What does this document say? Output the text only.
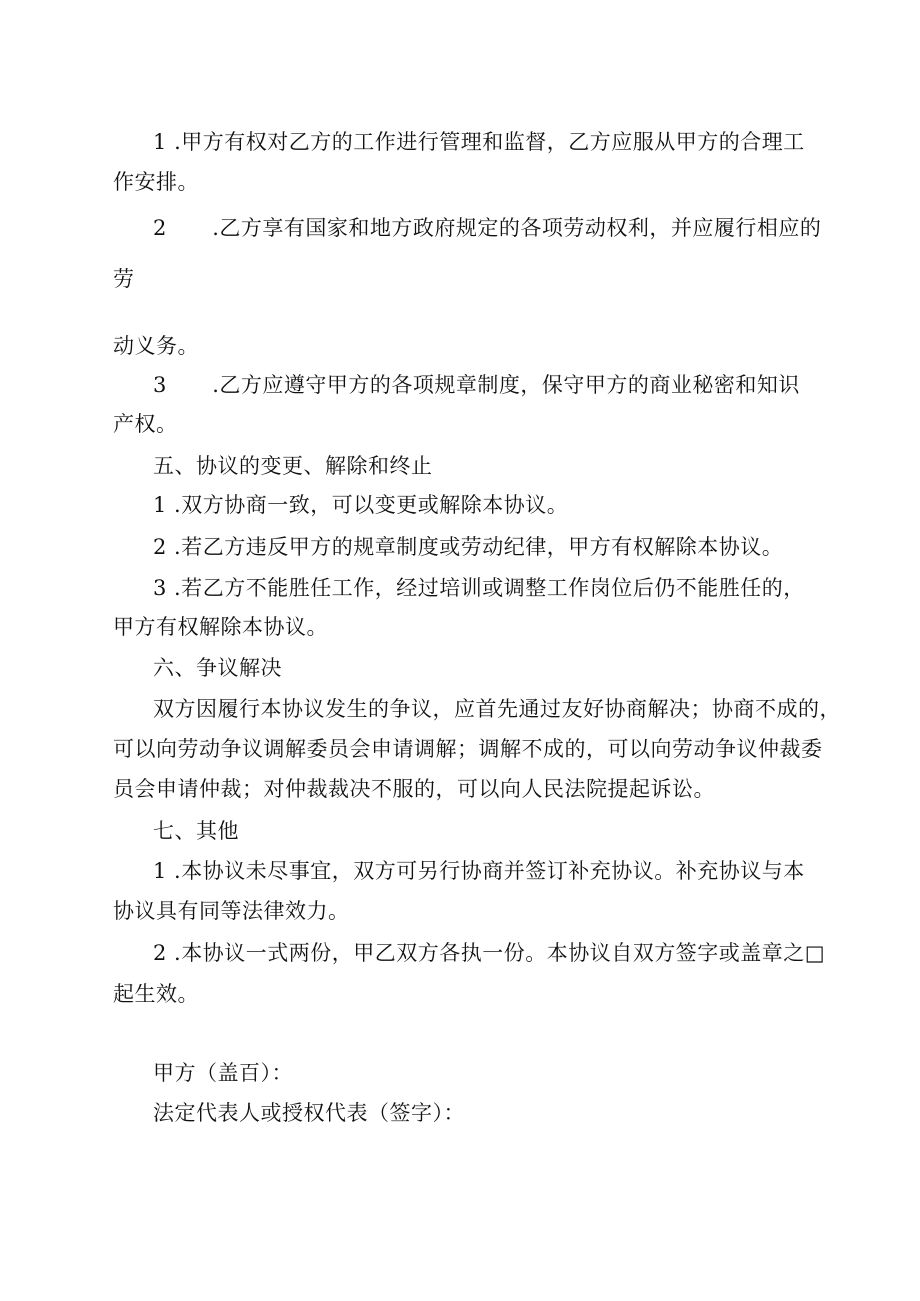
1 .甲方有权对乙方的工作进行管理和监督，乙方应服从甲方的合理工
作安排。
2 .乙方享有国家和地方政府规定的各项劳动权利，并应履行相应的
劳
动义务。
3 .乙方应遵守甲方的各项规章制度，保守甲方的商业秘密和知识
产权。
五、协议的变更、解除和终止
1 .双方协商一致，可以变更或解除本协议。
2 .若乙方违反甲方的规章制度或劳动纪律，甲方有权解除本协议。
3 .若乙方不能胜任工作，经过培训或调整工作岗位后仍不能胜任的，
甲方有权解除本协议。
六、争议解决
双方因履行本协议发生的争议，应首先通过友好协商解决；协商不成的，
可以向劳动争议调解委员会申请调解；调解不成的，可以向劳动争议仲裁委
员会申请仲裁；对仲裁裁决不服的，可以向人民法院提起诉讼。
七、其他
1 .本协议未尽事宜，双方可另行协商并签订补充协议。补充协议与本
协议具有同等法律效力。
2 .本协议一式两份，甲乙双方各执一份。本协议自双方签字或盖章之□
起生效。
甲方（盖百）：
法定代表人或授权代表（签字）：
